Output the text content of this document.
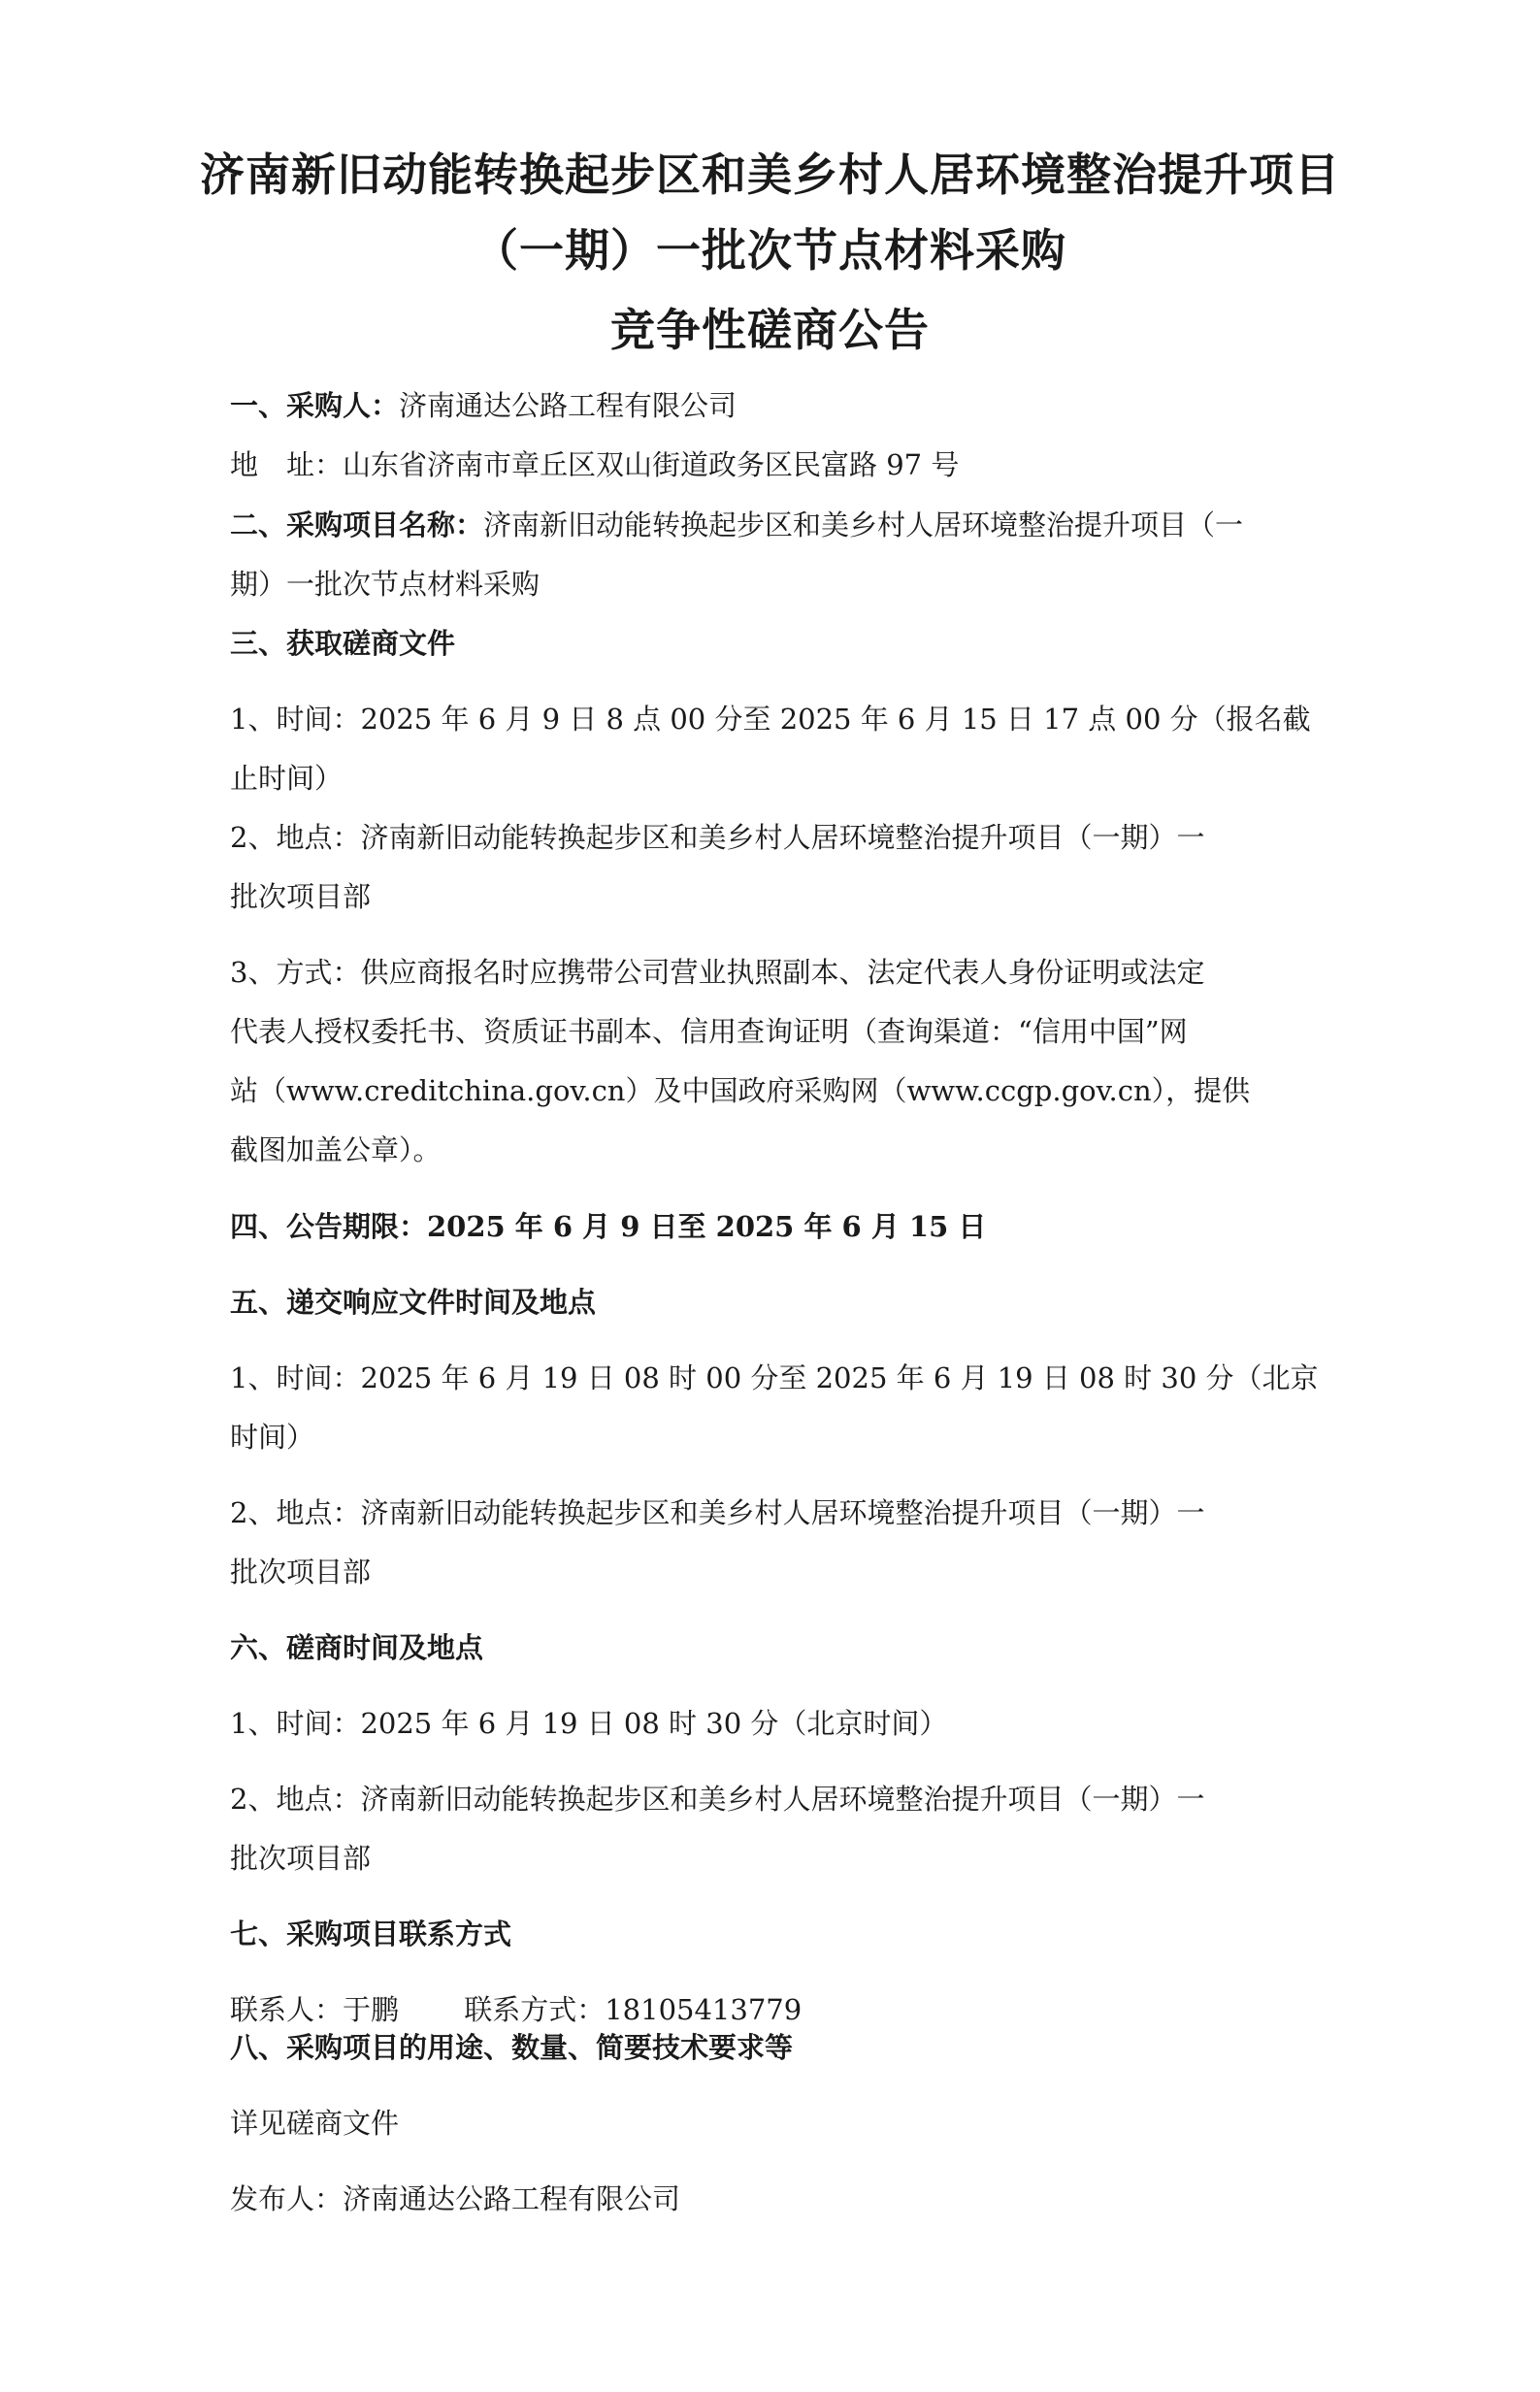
济南新旧动能转换起步区和美乡村人居环境整治提升项目
（一期）一批次节点材料采购
竞争性磋商公告
一、采购人：济南通达公路工程有限公司
地　址：山东省济南市章丘区双山街道政务区民富路 97 号
二、采购项目名称：济南新旧动能转换起步区和美乡村人居环境整治提升项目（一
期）一批次节点材料采购
三、获取磋商文件
1、时间：2025 年 6 月 9 日 8 点 00 分至 2025 年 6 月 15 日 17 点 00 分（报名截
止时间）
2、地点：济南新旧动能转换起步区和美乡村人居环境整治提升项目（一期）一
批次项目部
3、方式：供应商报名时应携带公司营业执照副本、法定代表人身份证明或法定
代表人授权委托书、资质证书副本、信用查询证明（查询渠道：“信用中国”网
站（www.creditchina.gov.cn）及中国政府采购网（www.ccgp.gov.cn），提供
截图加盖公章）。
四、公告期限：2025 年 6 月 9 日至 2025 年 6 月 15 日
五、递交响应文件时间及地点
1、时间：2025 年 6 月 19 日 08 时 00 分至 2025 年 6 月 19 日 08 时 30 分（北京
时间）
2、地点：济南新旧动能转换起步区和美乡村人居环境整治提升项目（一期）一
批次项目部
六、磋商时间及地点
1、时间：2025 年 6 月 19 日 08 时 30 分（北京时间）
2、地点：济南新旧动能转换起步区和美乡村人居环境整治提升项目（一期）一
批次项目部
七、采购项目联系方式
联系人：于鹏　　 联系方式：18105413779
八、采购项目的用途、数量、简要技术要求等
详见磋商文件
发布人：济南通达公路工程有限公司
